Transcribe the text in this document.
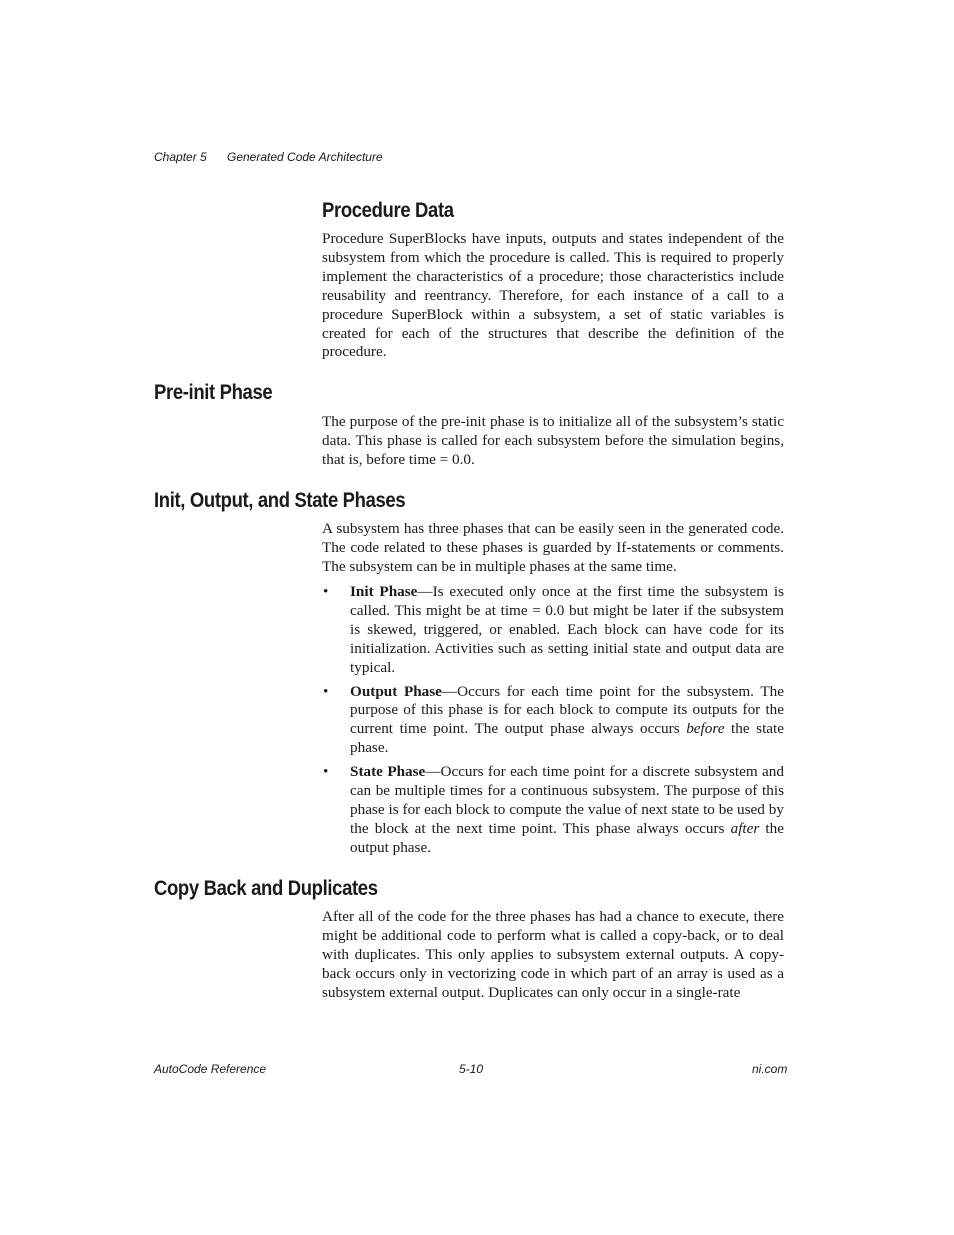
Chapter 5 Generated Code Architecture
Procedure Data

Procedure SuperBlocks have inputs, outputs and states independent of the subsystem from which the procedure is called. This is required to properly implement the characteristics of a procedure; those characteristics include reusability and reentrancy. Therefore, for each instance of a call to a procedure SuperBlock within a subsystem, a set of static variables is created for each of the structures that describe the definition of the procedure.

Pre-init Phase

The purpose of the pre-init phase is to initialize all of the subsystem’s static data. This phase is called for each subsystem before the simulation begins, that is, before time = 0.0.

Init, Output, and State Phases

A subsystem has three phases that can be easily seen in the generated code. The code related to these phases is guarded by If-statements or comments. The subsystem can be in multiple phases at the same time.

• Init Phase—Is executed only once at the first time the subsystem is called. This might be at time = 0.0 but might be later if the subsystem is skewed, triggered, or enabled. Each block can have code for its initialization. Activities such as setting initial state and output data are typical.
• Output Phase—Occurs for each time point for the subsystem. The purpose of this phase is for each block to compute its outputs for the current time point. The output phase always occurs before the state phase.
• State Phase—Occurs for each time point for a discrete subsystem and can be multiple times for a continuous subsystem. The purpose of this phase is for each block to compute the value of next state to be used by the block at the next time point. This phase always occurs after the output phase.
Copy Back and Duplicates

After all of the code for the three phases has had a chance to execute, there might be additional code to perform what is called a copy-back, or to deal with duplicates. This only applies to subsystem external outputs. A copy-back occurs only in vectorizing code in which part of an array is used as a subsystem external output. Duplicates can only occur in a single-rate

AutoCode Reference	5-10	ni.com
